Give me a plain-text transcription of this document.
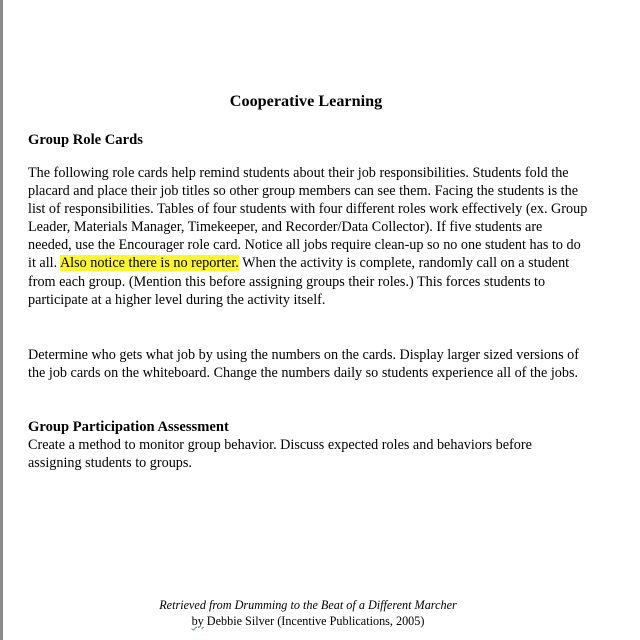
Cooperative Learning
Group Role Cards

The following role cards help remind students about their job responsibilities. Students fold the placard and place their job titles so other group members can see them. Facing the students is the list of responsibilities. Tables of four students with four different roles work effectively (ex. Group Leader, Materials Manager, Timekeeper, and Recorder/Data Collector). If five students are needed, use the Encourager role card. Notice all jobs require clean-up so no one student has to do it all. Also notice there is no reporter. When the activity is complete, randomly call on a student from each group. (Mention this before assigning groups their roles.) This forces students to participate at a higher level during the activity itself.

Determine who gets what job by using the numbers on the cards. Display larger sized versions of the job cards on the whiteboard. Change the numbers daily so students experience all of the jobs.

Group Participation Assessment

Create a method to monitor group behavior. Discuss expected roles and behaviors before assigning students to groups.

Retrieved from Drumming to the Beat of a Different Marcher

by Debbie Silver (Incentive Publications, 2005)
